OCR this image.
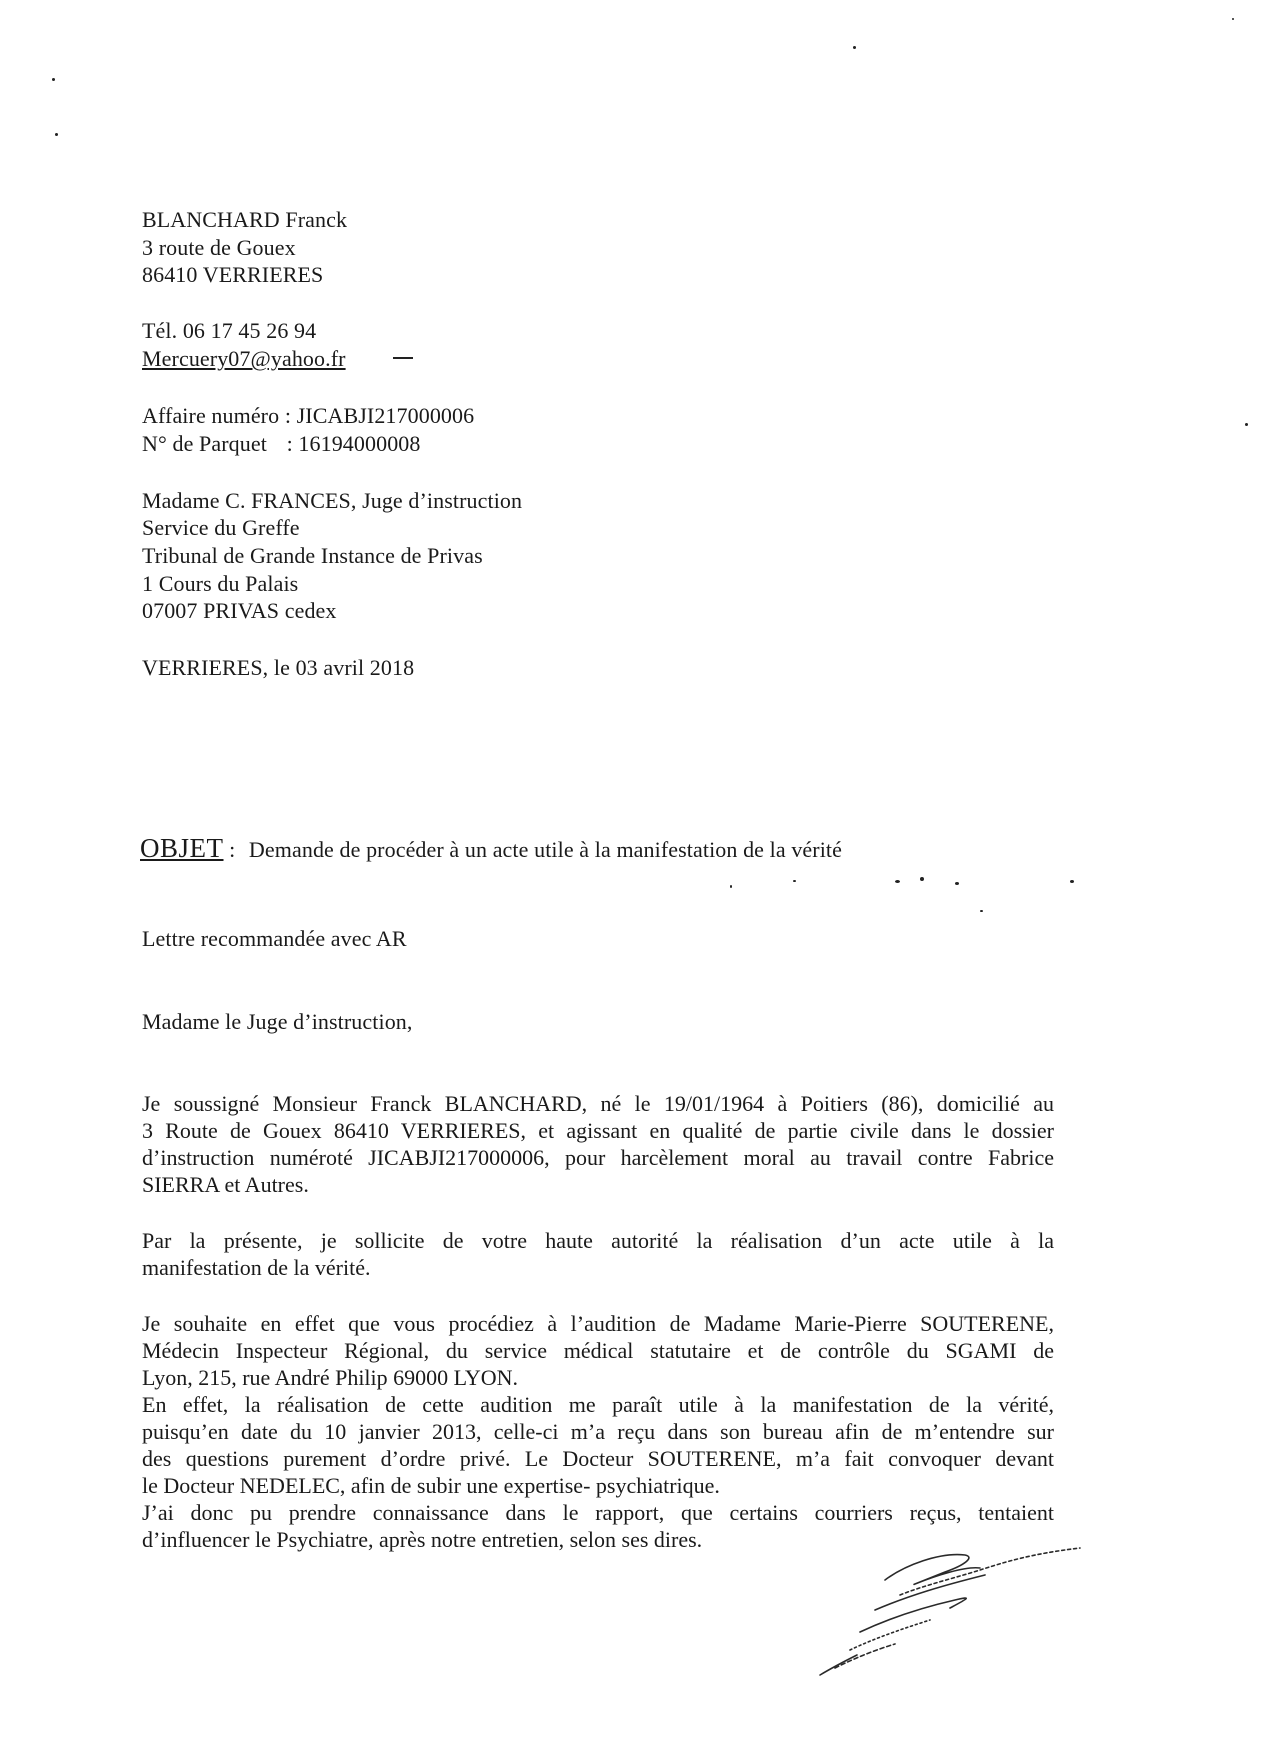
BLANCHARD Franck
3 route de Gouex
86410 VERRIERES
Tél. 06 17 45 26 94
Mercuery07@yahoo.fr
Affaire numéro : JICABJI217000006
N° de Parquet : 16194000008
Madame C. FRANCES, Juge d’instruction
Service du Greffe
Tribunal de Grande Instance de Privas
1 Cours du Palais
07007 PRIVAS cedex
VERRIERES, le 03 avril 2018
OBJET : Demande de procéder à un acte utile à la manifestation de la vérité
Lettre recommandée avec AR
Madame le Juge d’instruction,
Je soussigné Monsieur Franck BLANCHARD, né le 19/01/1964 à Poitiers (86), domicilié au
3 Route de Gouex 86410 VERRIERES, et agissant en qualité de partie civile dans le dossier
d’instruction numéroté JICABJI217000006, pour harcèlement moral au travail contre Fabrice
SIERRA et Autres.
Par la présente, je sollicite de votre haute autorité la réalisation d’un acte utile à la
manifestation de la vérité.
Je souhaite en effet que vous procédiez à l’audition de Madame Marie-Pierre SOUTERENE,
Médecin Inspecteur Régional, du service médical statutaire et de contrôle du SGAMI de
Lyon, 215, rue André Philip 69000 LYON.
En effet, la réalisation de cette audition me paraît utile à la manifestation de la vérité,
puisqu’en date du 10 janvier 2013, celle-ci m’a reçu dans son bureau afin de m’entendre sur
des questions purement d’ordre privé. Le Docteur SOUTERENE, m’a fait convoquer devant
le Docteur NEDELEC, afin de subir une expertise- psychiatrique.
J’ai donc pu prendre connaissance dans le rapport, que certains courriers reçus, tentaient
d’influencer le Psychiatre, après notre entretien, selon ses dires.
